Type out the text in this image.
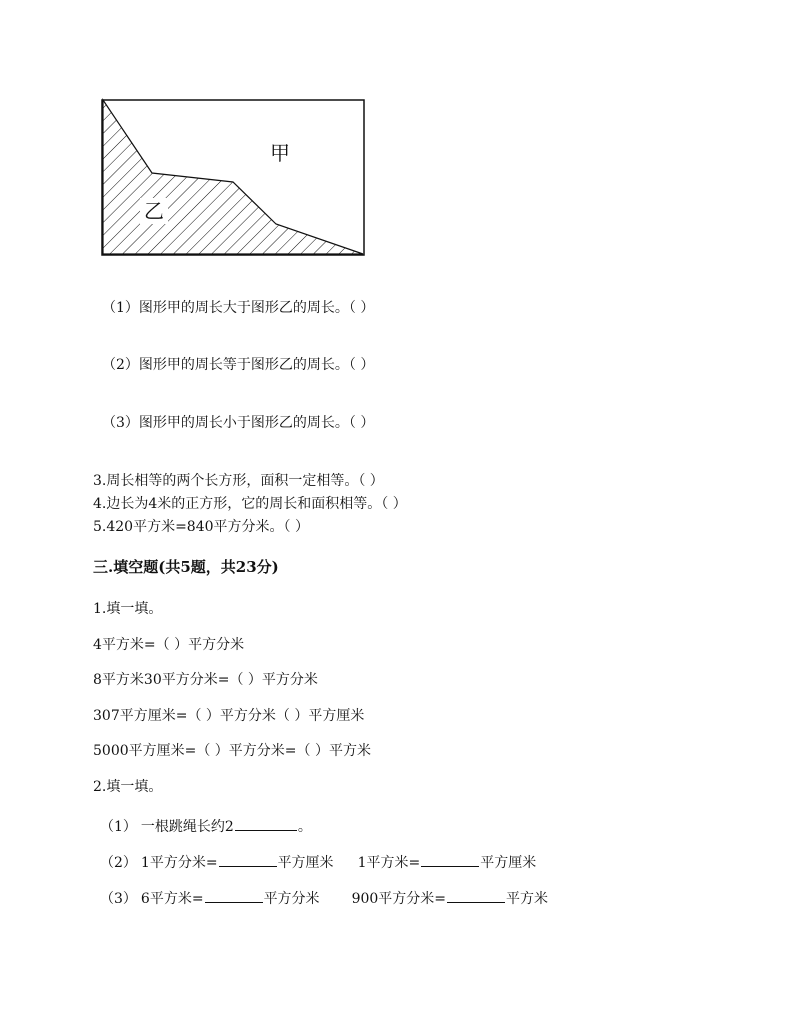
甲
乙
（1）图形甲的周长大于图形乙的周长。（ ）
（2）图形甲的周长等于图形乙的周长。（ ）
（3）图形甲的周长小于图形乙的周长。（ ）
3.周长相等的两个长方形，面积一定相等。（ ）
4.边长为4米的正方形，它的周长和面积相等。（ ）
5.420平方米=840平方分米。（ ）
三.填空题(共5题，共23分)
1.填一填。
4平方米=（ ）平方分米
8平方米30平方分米=（ ）平方分米
307平方厘米=（ ）平方分米（ ）平方厘米
5000平方厘米=（ ）平方分米=（ ）平方米
2.填一填。
（1） 一根跳绳长约2	。
（2） 1平方分米=	平方厘米 1平方米=	平方厘米
（3） 6平方米=	平方分米 900平方分米=	平方米
